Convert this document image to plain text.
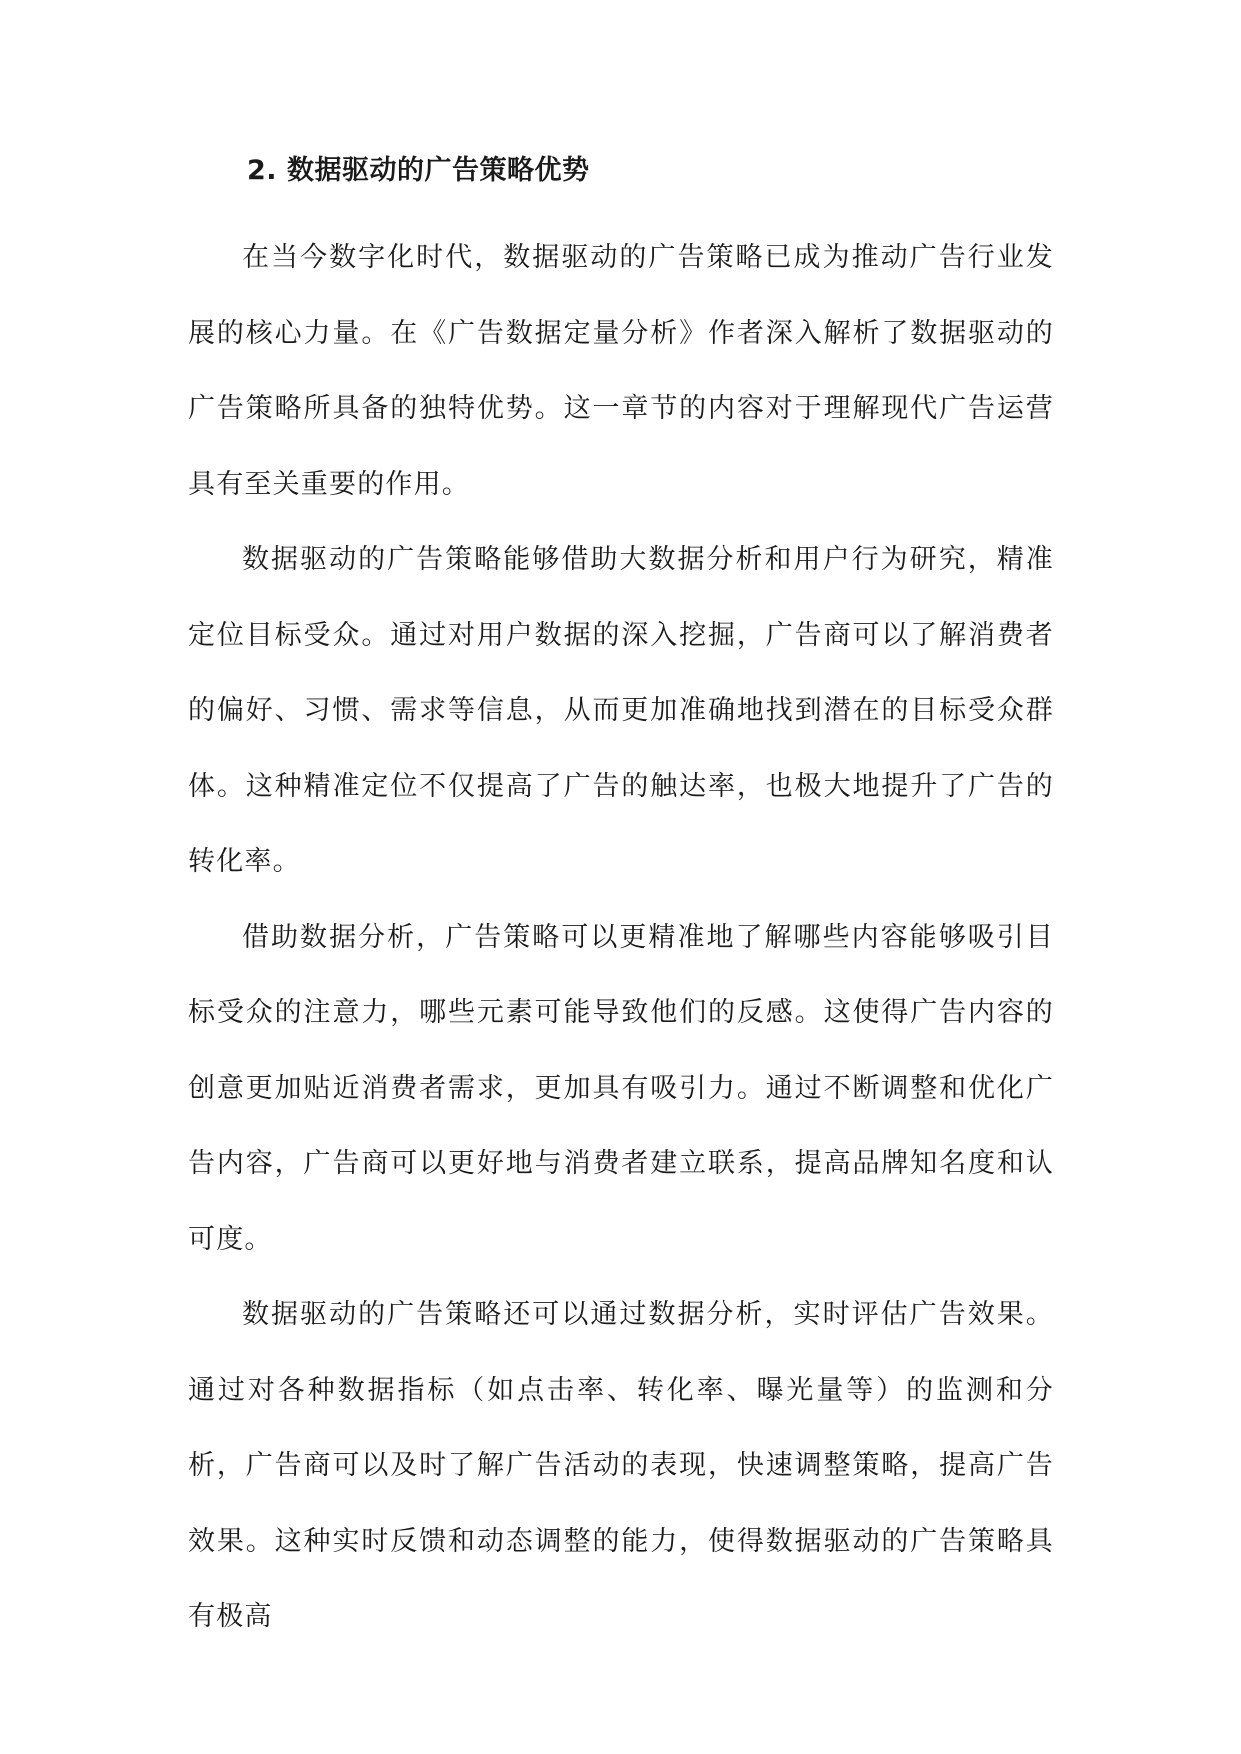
2. 数据驱动的广告策略优势

在当今数字化时代，数据驱动的广告策略已成为推动广告行业发展的核心力量。在《广告数据定量分析》作者深入解析了数据驱动的广告策略所具备的独特优势。这一章节的内容对于理解现代广告运营具有至关重要的作用。

数据驱动的广告策略能够借助大数据分析和用户行为研究，精准定位目标受众。通过对用户数据的深入挖掘，广告商可以了解消费者的偏好、习惯、需求等信息，从而更加准确地找到潜在的目标受众群体。这种精准定位不仅提高了广告的触达率，也极大地提升了广告的转化率。

借助数据分析，广告策略可以更精准地了解哪些内容能够吸引目标受众的注意力，哪些元素可能导致他们的反感。这使得广告内容的创意更加贴近消费者需求，更加具有吸引力。通过不断调整和优化广告内容，广告商可以更好地与消费者建立联系，提高品牌知名度和认可度。

数据驱动的广告策略还可以通过数据分析，实时评估广告效果。通过对各种数据指标（如点击率、转化率、曝光量等）的监测和分析，广告商可以及时了解广告活动的表现，快速调整策略，提高广告效果。这种实时反馈和动态调整的能力，使得数据驱动的广告策略具有极高
